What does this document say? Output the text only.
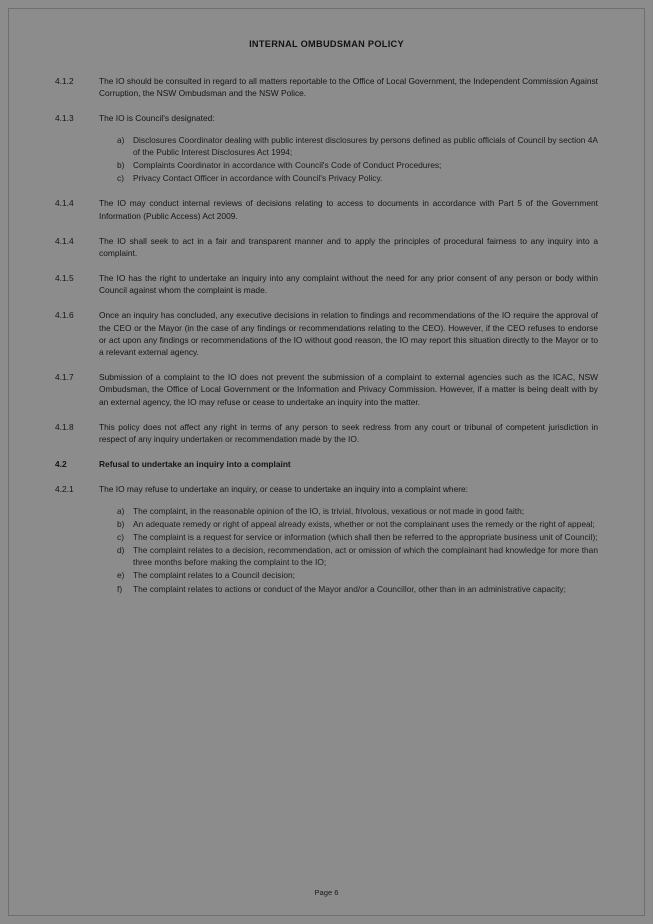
INTERNAL OMBUDSMAN POLICY
4.1.2	The IO should be consulted in regard to all matters reportable to the Office of Local Government, the Independent Commission Against Corruption, the NSW Ombudsman and the NSW Police.
4.1.3	The IO is Council's designated:
a)	Disclosures Coordinator dealing with public interest disclosures by persons defined as public officials of Council by section 4A of the Public Interest Disclosures Act 1994;
b)	Complaints Coordinator in accordance with Council's Code of Conduct Procedures;
c)	Privacy Contact Officer in accordance with Council's Privacy Policy.
4.1.4	The IO may conduct internal reviews of decisions relating to access to documents in accordance with Part 5 of the Government Information (Public Access) Act 2009.
4.1.4	The IO shall seek to act in a fair and transparent manner and to apply the principles of procedural fairness to any inquiry into a complaint.
4.1.5	The IO has the right to undertake an inquiry into any complaint without the need for any prior consent of any person or body within Council against whom the complaint is made.
4.1.6	Once an inquiry has concluded, any executive decisions in relation to findings and recommendations of the IO require the approval of the CEO or the Mayor (in the case of any findings or recommendations relating to the CEO). However, if the CEO refuses to endorse or act upon any findings or recommendations of the IO without good reason, the IO may report this situation directly to the Mayor or to a relevant external agency.
4.1.7	Submission of a complaint to the IO does not prevent the submission of a complaint to external agencies such as the ICAC, NSW Ombudsman, the Office of Local Government or the Information and Privacy Commission. However, if a matter is being dealt with by an external agency, the IO may refuse or cease to undertake an inquiry into the matter.
4.1.8	This policy does not affect any right in terms of any person to seek redress from any court or tribunal of competent jurisdiction in respect of any inquiry undertaken or recommendation made by the IO.
4.2	Refusal to undertake an inquiry into a complaint
4.2.1	The IO may refuse to undertake an inquiry, or cease to undertake an inquiry into a complaint where:
a)	The complaint, in the reasonable opinion of the IO, is trivial, frivolous, vexatious or not made in good faith;
b)	An adequate remedy or right of appeal already exists, whether or not the complainant uses the remedy or the right of appeal;
c)	The complaint is a request for service or information (which shall then be referred to the appropriate business unit of Council);
d)	The complaint relates to a decision, recommendation, act or omission of which the complainant had knowledge for more than three months before making the complaint to the IO;
e)	The complaint relates to a Council decision;
f)	The complaint relates to actions or conduct of the Mayor and/or a Councillor, other than in an administrative capacity;
Page 6
